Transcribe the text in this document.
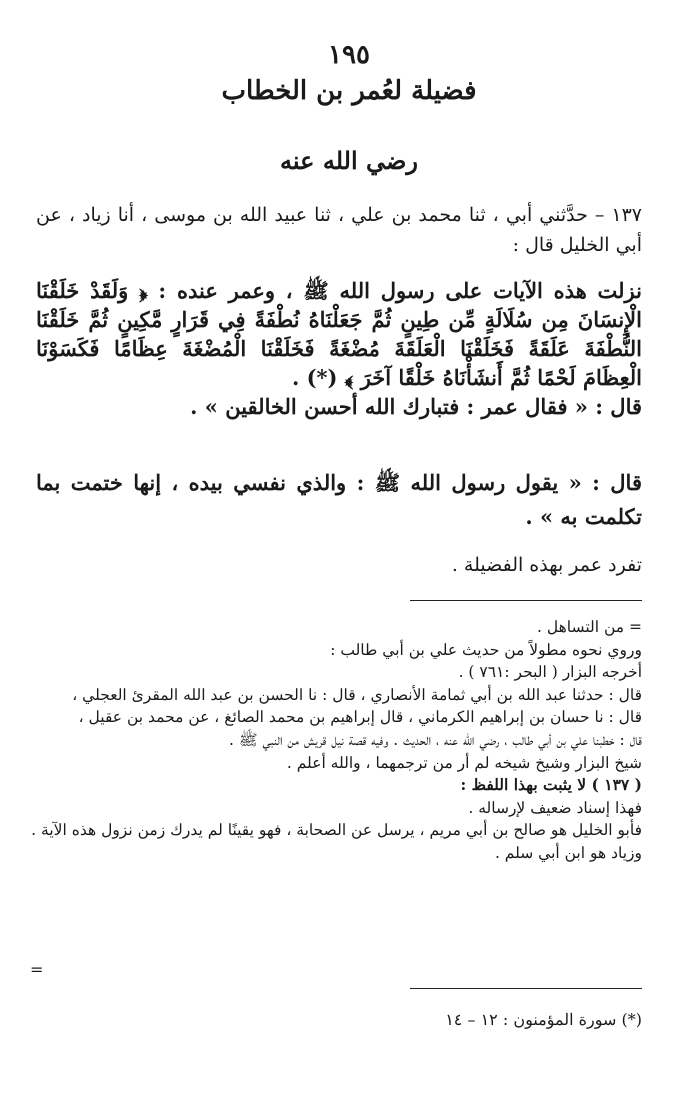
١٩٥
فضيلة لعُمر بن الخطاب
رضي الله عنه
١٣٧ – حدَّثني أبي ، ثنا محمد بن علي ، ثنا عبيد الله بن موسى ، أنا زياد ، عن أبي الخليل قال :
نزلت هذه الآيات على رسول الله ﷺ ، وعمر عنده : ﴿ وَلَقَدْ خَلَقْنَا الْإِنسَانَ مِن سُلَالَةٍ مِّن طِينٍ ثُمَّ جَعَلْنَاهُ نُطْفَةً فِي قَرَارٍ مَّكِينٍ ثُمَّ خَلَقْنَا النُّطْفَةَ عَلَقَةً فَخَلَقْنَا الْعَلَقَةَ مُضْغَةً فَخَلَقْنَا الْمُضْغَةَ عِظَامًا فَكَسَوْنَا الْعِظَامَ لَحْمًا ثُمَّ أَنشَأْنَاهُ خَلْقًا آخَرَ ﴾ (*) .
قال : « فقال عمر : فتبارك الله أحسن الخالقين » .
قال : « يقول رسول الله ﷺ : والذي نفسي بيده ، إنها ختمت بما تكلمت به » .
تفرد عمر بهذه الفضيلة .
= من التساهل .
وروي نحوه مطولاً من حديث علي بن أبي طالب :
أخرجه البزار ( البحر :٧٦١ ) .
قال : حدثنا عبد الله بن أبي ثمامة الأنصاري ، قال : نا الحسن بن عبد الله المقرئ العجلي ،
قال : نا حسان بن إبراهيم الكرماني ، قال إبراهيم بن محمد الصائغ ، عن محمد بن عقيل ،
قال : خطبنا علي بن أبي طالب ، رضي الله عنه ، الحديث . وفيه قصة نيل قريش من النبي ﷺ .
شيخ البزار وشيخ شيخه لم أر من ترجمهما ، والله أعلم .
( ١٣٧ ) لا يثبت بهذا اللفظ :
فهذا إسناد ضعيف لإرساله .
فأبو الخليل هو صالح بن أبي مريم ، يرسل عن الصحابة ، فهو يقينًا لم يدرك زمن نزول هذه الآية .
وزياد هو ابن أبي سلم .
=
(*) سورة المؤمنون : ١٢ – ١٤
